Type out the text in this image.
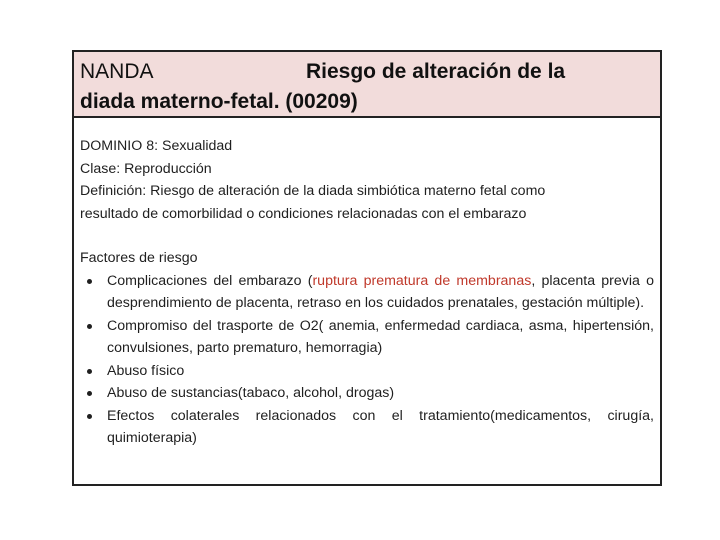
NANDA	Riesgo de alteración de la
diada materno-fetal. (00209)

DOMINIO 8: Sexualidad

Clase: Reproducción

Definición: Riesgo de alteración de la diada simbiótica materno fetal como

resultado de comorbilidad o condiciones relacionadas con el embarazo

Factores de riesgo

Complicaciones del embarazo (ruptura prematura de membranas, placenta previa o desprendimiento de placenta, retraso en los cuidados prenatales, gestación múltiple).
Compromiso del trasporte de O2( anemia, enfermedad cardiaca, asma, hipertensión, convulsiones, parto prematuro, hemorragia)
Abuso físico
Abuso de sustancias(tabaco, alcohol, drogas)
Efectos colaterales relacionados con el tratamiento(medicamentos, cirugía, quimioterapia)
